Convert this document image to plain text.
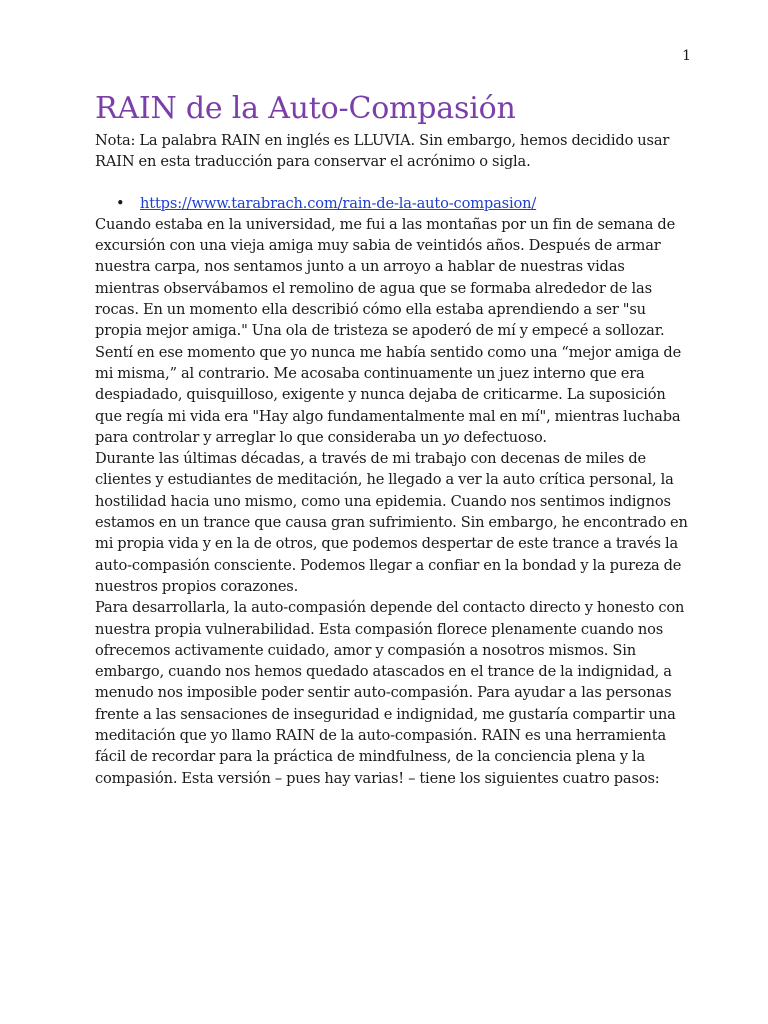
1
RAIN de la Auto-Compasión

Nota: La palabra RAIN en inglés es LLUVIA. Sin embargo, hemos decidido usar RAIN en esta traducción para conservar el acrónimo o sigla.

• https://www.tarabrach.com/rain-de-la-auto-compasion/

Cuando estaba en la universidad, me fui a las montañas por un fin de semana de excursión con una vieja amiga muy sabia de veintidós años. Después de armar nuestra carpa, nos sentamos junto a un arroyo a hablar de nuestras vidas mientras observábamos el remolino de agua que se formaba alrededor de las rocas. En un momento ella describió cómo ella estaba aprendiendo a ser "su propia mejor amiga." Una ola de tristeza se apoderó de mí y empecé a sollozar. Sentí en ese momento que yo nunca me había sentido como una “mejor amiga de mi misma,” al contrario. Me acosaba continuamente un juez interno que era despiadado, quisquilloso, exigente y nunca dejaba de criticarme. La suposición que regía mi vida era "Hay algo fundamentalmente mal en mí", mientras luchaba para controlar y arreglar lo que consideraba un yo defectuoso.

Durante las últimas décadas, a través de mi trabajo con decenas de miles de clientes y estudiantes de meditación, he llegado a ver la auto crítica personal, la hostilidad hacia uno mismo, como una epidemia. Cuando nos sentimos indignos estamos en un trance que causa gran sufrimiento. Sin embargo, he encontrado en mi propia vida y en la de otros, que podemos despertar de este trance a través la auto-compasión consciente. Podemos llegar a confiar en la bondad y la pureza de nuestros propios corazones.

Para desarrollarla, la auto-compasión depende del contacto directo y honesto con nuestra propia vulnerabilidad. Esta compasión florece plenamente cuando nos ofrecemos activamente cuidado, amor y compasión a nosotros mismos. Sin embargo, cuando nos hemos quedado atascados en el trance de la indignidad, a menudo nos imposible poder sentir auto-compasión. Para ayudar a las personas frente a las sensaciones de inseguridad e indignidad, me gustaría compartir una meditación que yo llamo RAIN de la auto-compasión. RAIN es una herramienta fácil de recordar para la práctica de mindfulness, de la conciencia plena y la compasión. Esta versión – pues hay varias! – tiene los siguientes cuatro pasos:
